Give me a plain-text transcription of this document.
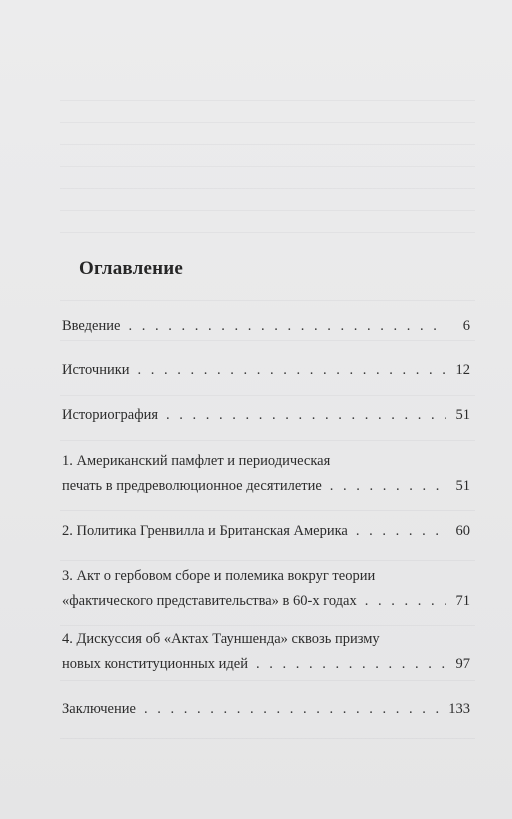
Оглавление
Введение . . .	6
Источники . . .	12
Историография . . .	51
1. Американский памфлет и периодическая
печать в предреволюционное десятилетие . . .	51
2. Политика Гренвилла и Британская Америка . . .	60
3. Акт о гербовом сборе и полемика вокруг теории
«фактического представительства» в 60-х годах . . .	71
4. Дискуссия об «Актах Тауншенда» сквозь призму
новых конституционных идей . . .	97
Заключение . . .	133
